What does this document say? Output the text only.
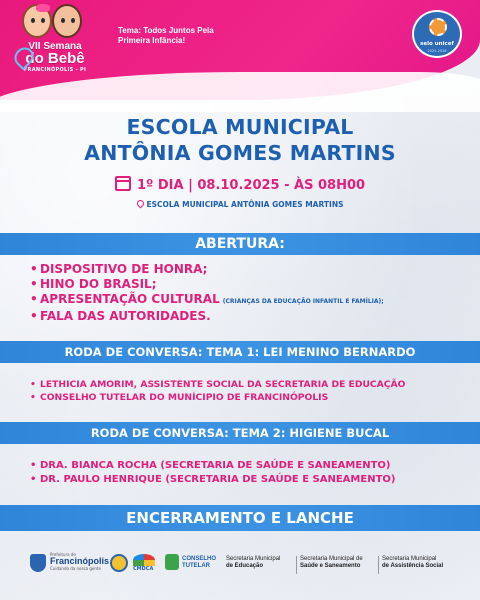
VII Semana
do Bebê
FRANCINÓPOLIS - PI
Tema: Todos Juntos Pela
Primeira Infância!	selo unicef
2025-2028
ESCOLA MUNICIPAL
ANTÔNIA GOMES MARTINS
1º DIA | 08.10.2025 - ÀS 08H00
ESCOLA MUNICIPAL ANTÔNIA GOMES MARTINS
ABERTURA:
• DISPOSITIVO DE HONRA;
• HINO DO BRASIL;
• APRESENTAÇÃO CULTURAL (CRIANÇAS DA EDUCAÇÃO INFANTIL E FAMÍLIA);
• FALA DAS AUTORIDADES.
RODA DE CONVERSA: TEMA 1: LEI MENINO BERNARDO
• LETHICIA AMORIM, ASSISTENTE SOCIAL DA SECRETARIA DE EDUCAÇÃO
• CONSELHO TUTELAR DO MUNÍCIPIO DE FRANCINÓPOLIS
RODA DE CONVERSA: TEMA 2: HIGIENE BUCAL
• DRA. BIANCA ROCHA (SECRETARIA DE SAÚDE E SANEAMENTO)
• DR. PAULO HENRIQUE (SECRETARIA DE SAÚDE E SANEAMENTO)
ENCERRAMENTO E LANCHE
Prefeitura de
Francinópolis
Cuidando da nossa gente	CMDCA
CONSELHO
TUTELAR
Secretaria Municipal
de Educação
Secretaria Municipal de
Saúde e Saneamento
Secretaria Municipal
de Assistência Social
